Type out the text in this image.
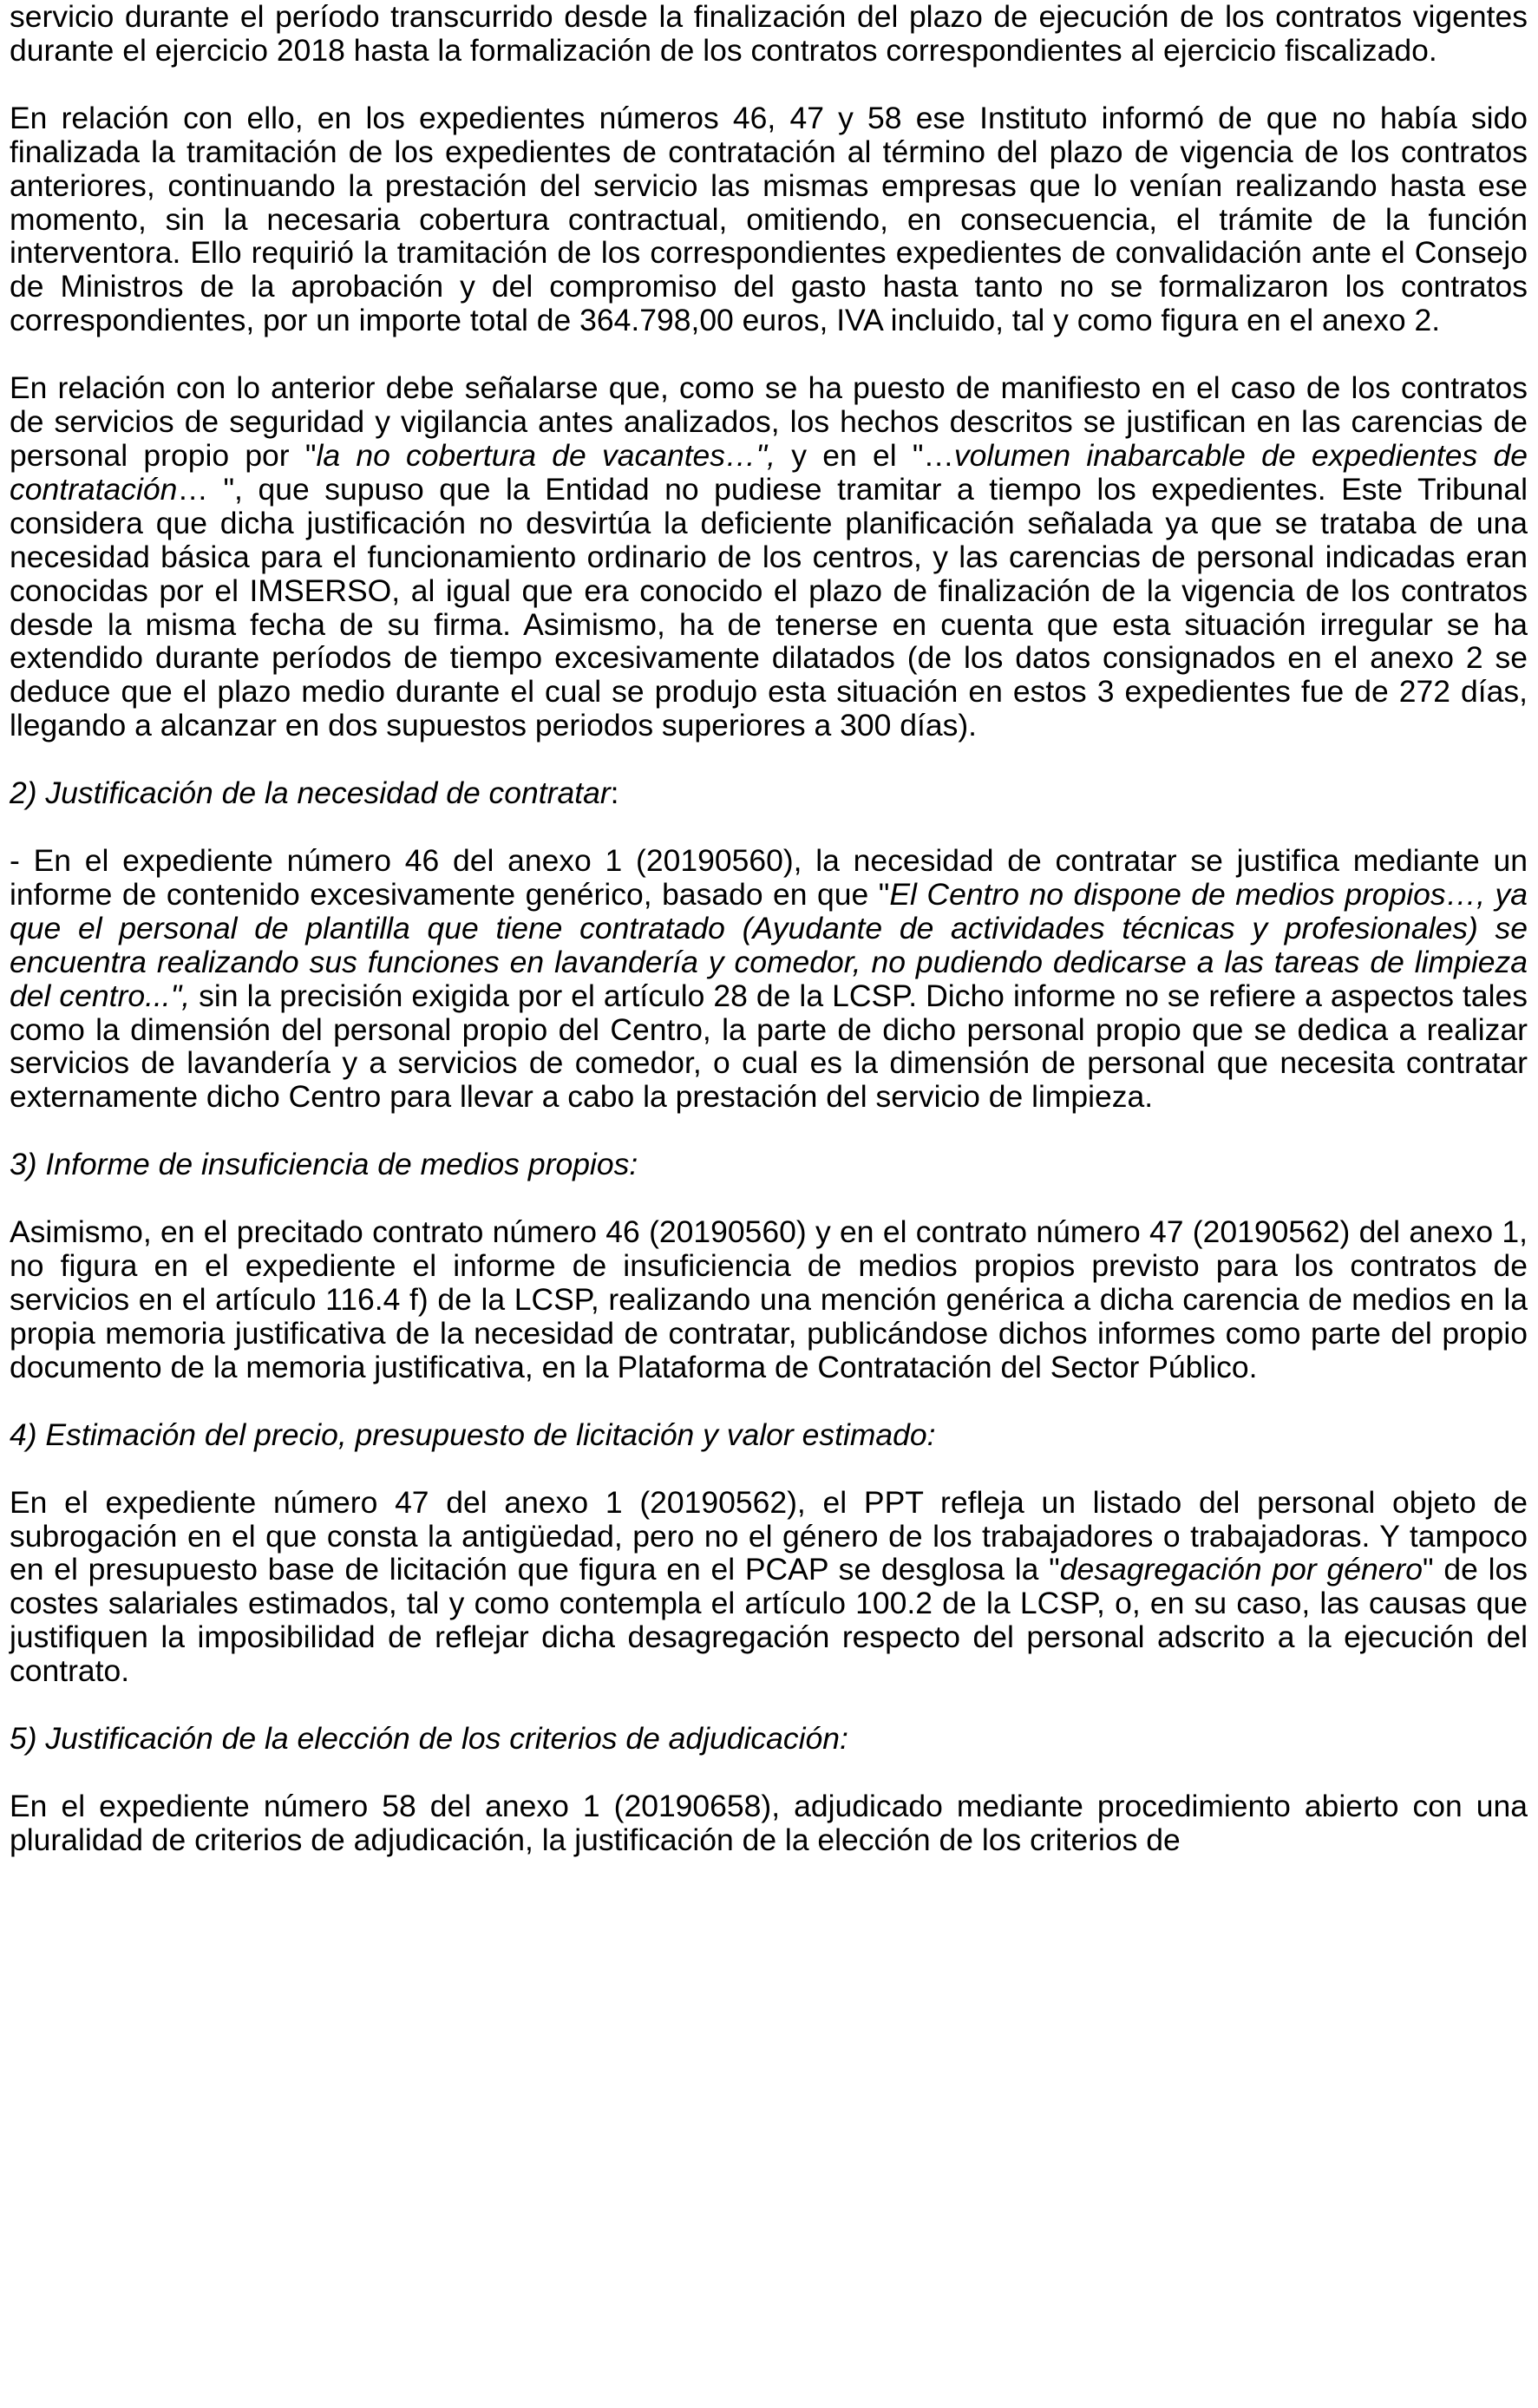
servicio durante el período transcurrido desde la finalización del plazo de ejecución de los contratos vigentes durante el ejercicio 2018 hasta la formalización de los contratos correspondientes al ejercicio fiscalizado.

En relación con ello, en los expedientes números 46, 47 y 58 ese Instituto informó de que no había sido finalizada la tramitación de los expedientes de contratación al término del plazo de vigencia de los contratos anteriores, continuando la prestación del servicio las mismas empresas que lo venían realizando hasta ese momento, sin la necesaria cobertura contractual, omitiendo, en consecuencia, el trámite de la función interventora. Ello requirió la tramitación de los correspondientes expedientes de convalidación ante el Consejo de Ministros de la aprobación y del compromiso del gasto hasta tanto no se formalizaron los contratos correspondientes, por un importe total de 364.798,00 euros, IVA incluido, tal y como figura en el anexo 2.

En relación con lo anterior debe señalarse que, como se ha puesto de manifiesto en el caso de los contratos de servicios de seguridad y vigilancia antes analizados, los hechos descritos se justifican en las carencias de personal propio por "la no cobertura de vacantes…", y en el "…volumen inabarcable de expedientes de contratación… ", que supuso que la Entidad no pudiese tramitar a tiempo los expedientes. Este Tribunal considera que dicha justificación no desvirtúa la deficiente planificación señalada ya que se trataba de una necesidad básica para el funcionamiento ordinario de los centros, y las carencias de personal indicadas eran conocidas por el IMSERSO, al igual que era conocido el plazo de finalización de la vigencia de los contratos desde la misma fecha de su firma. Asimismo, ha de tenerse en cuenta que esta situación irregular se ha extendido durante períodos de tiempo excesivamente dilatados (de los datos consignados en el anexo 2 se deduce que el plazo medio durante el cual se produjo esta situación en estos 3 expedientes fue de 272 días, llegando a alcanzar en dos supuestos periodos superiores a 300 días).

2) Justificación de la necesidad de contratar:

- En el expediente número 46 del anexo 1 (20190560), la necesidad de contratar se justifica mediante un informe de contenido excesivamente genérico, basado en que "El Centro no dispone de medios propios…, ya que el personal de plantilla que tiene contratado (Ayudante de actividades técnicas y profesionales) se encuentra realizando sus funciones en lavandería y comedor, no pudiendo dedicarse a las tareas de limpieza del centro...", sin la precisión exigida por el artículo 28 de la LCSP. Dicho informe no se refiere a aspectos tales como la dimensión del personal propio del Centro, la parte de dicho personal propio que se dedica a realizar servicios de lavandería y a servicios de comedor, o cual es la dimensión de personal que necesita contratar externamente dicho Centro para llevar a cabo la prestación del servicio de limpieza.

3) Informe de insuficiencia de medios propios:

Asimismo, en el precitado contrato número 46 (20190560) y en el contrato número 47 (20190562) del anexo 1, no figura en el expediente el informe de insuficiencia de medios propios previsto para los contratos de servicios en el artículo 116.4 f) de la LCSP, realizando una mención genérica a dicha carencia de medios en la propia memoria justificativa de la necesidad de contratar, publicándose dichos informes como parte del propio documento de la memoria justificativa, en la Plataforma de Contratación del Sector Público.

4) Estimación del precio, presupuesto de licitación y valor estimado:

En el expediente número 47 del anexo 1 (20190562), el PPT refleja un listado del personal objeto de subrogación en el que consta la antigüedad, pero no el género de los trabajadores o trabajadoras. Y tampoco en el presupuesto base de licitación que figura en el PCAP se desglosa la "desagregación por género" de los costes salariales estimados, tal y como contempla el artículo 100.2 de la LCSP, o, en su caso, las causas que justifiquen la imposibilidad de reflejar dicha desagregación respecto del personal adscrito a la ejecución del contrato.

5) Justificación de la elección de los criterios de adjudicación:

En el expediente número 58 del anexo 1 (20190658), adjudicado mediante procedimiento abierto con una pluralidad de criterios de adjudicación, la justificación de la elección de los criterios de
